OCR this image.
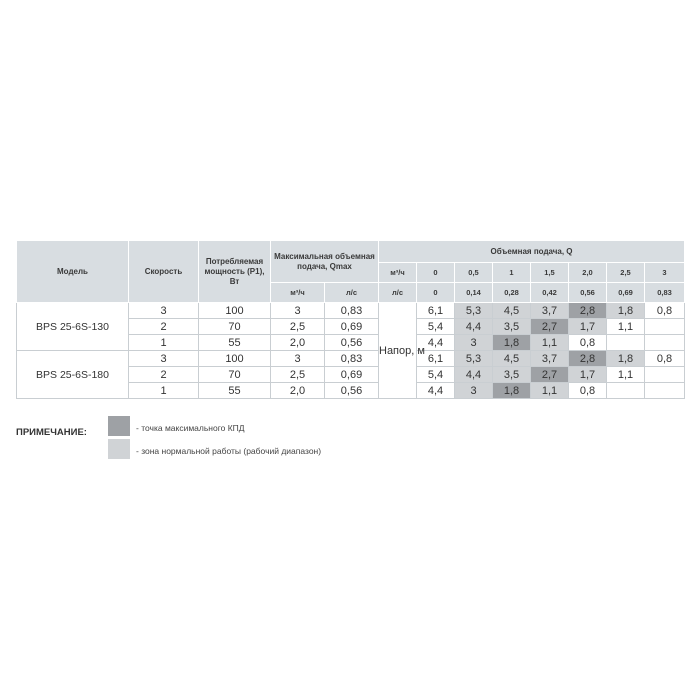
Модель	Скорость	Потребляемая мощность (P1), Вт	Максимальная объемная подача, Qmax		Объемная подача, Q							
					м³/ч	0	0,5	1	1,5	2,0	2,5	3
			м³/ч	л/с	л/с	0	0,14	0,28	0,42	0,56	0,69	0,83
BPS 25-6S-130	3	100	3	0,83	Напор, м	6,1	5,3	4,5	3,7	2,8	1,8	0,8
	2	70	2,5	0,69		5,4	4,4	3,5	2,7	1,7	1,1	
	1	55	2,0	0,56		4,4	3	1,8	1,1	0,8		
BPS 25-6S-180	3	100	3	0,83		6,1	5,3	4,5	3,7	2,8	1,8	0,8
	2	70	2,5	0,69		5,4	4,4	3,5	2,7	1,7	1,1	
	1	55	2,0	0,56		4,4	3	1,8	1,1	0,8		
ПРИМЕЧАНИЕ:	- точка максимального КПД
- зона нормальной работы (рабочий диапазон)
